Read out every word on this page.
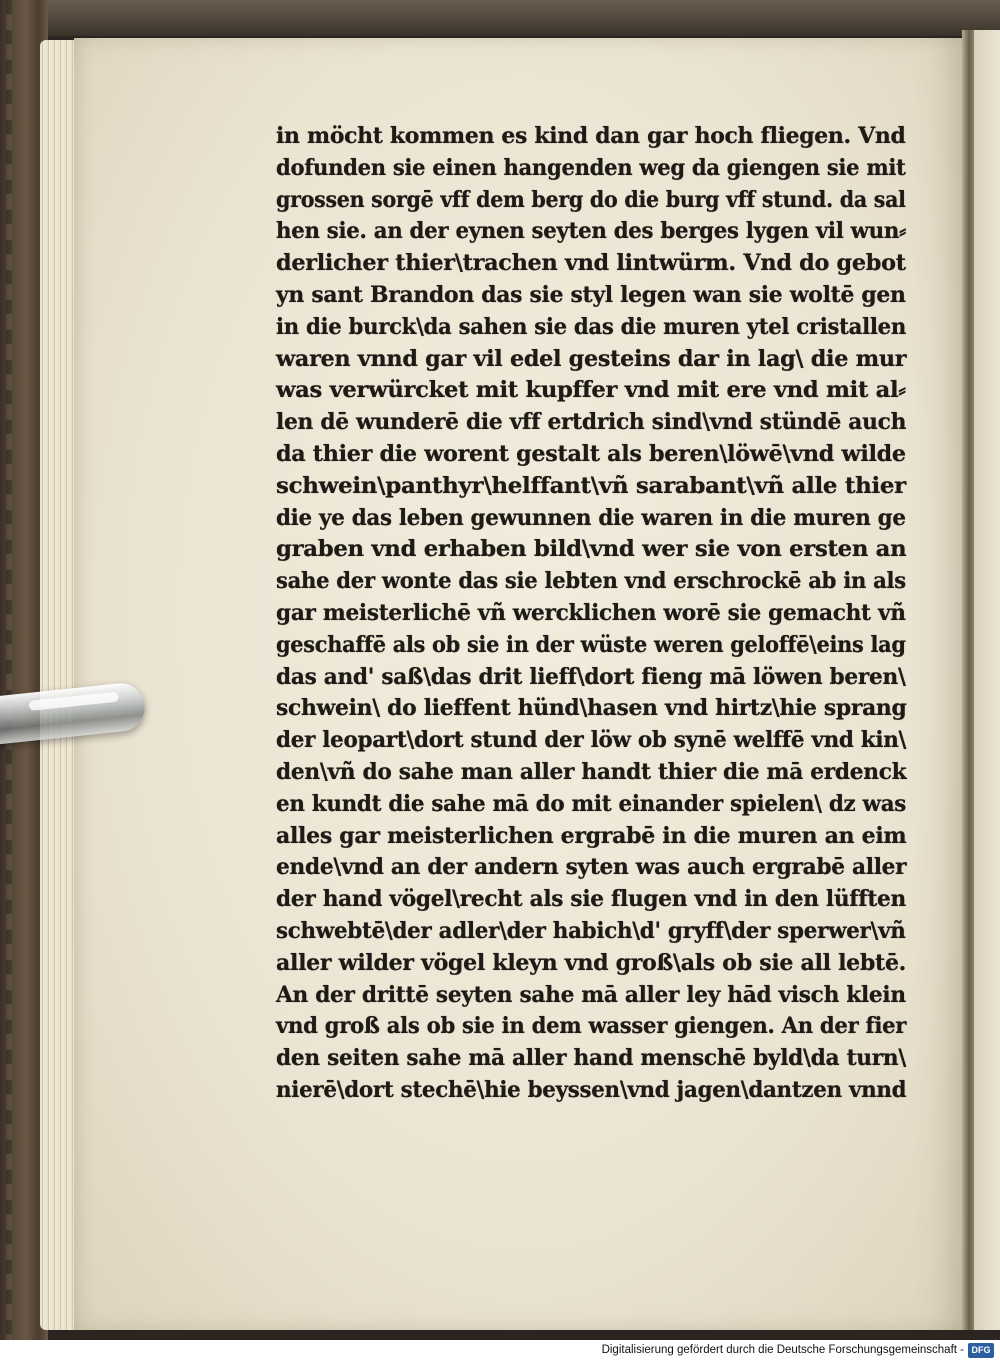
in möcht kommen es kind dan gar hoch fliegen. Vnd
dofunden sie einen hangenden weg da giengen sie mit
grossen sorgē vff dem berg do die burg vff stund. da sal
hen sie. an der eynen seyten des berges lygen vil wun⸗
derlicher thier\trachen vnd lintwürm. Vnd do gebot
yn sant Brandon das sie styl legen wan sie woltē gen
in die burck\da sahen sie das die muren ytel cristallen
waren vnnd gar vil edel gesteins dar in lag\ die mur
was verwürcket mit kupffer vnd mit ere vnd mit al⸗
len dē wunderē die vff ertdrich sind\vnd stündē auch
da thier die worent gestalt als beren\löwē\vnd wilde
schwein\panthyr\helffant\vñ sarabant\vñ alle thier
die ye das leben gewunnen die waren in die muren ge
graben vnd erhaben bild\vnd wer sie von ersten an
sahe der wonte das sie lebten vnd erschrockē ab in als
gar meisterlichē vñ wercklichen worē sie gemacht vñ
geschaffē als ob sie in der wüste weren geloffē\eins lag
das and' saß\das drit lieff\dort fieng mā löwen beren\
schwein\ do lieffent hünd\hasen vnd hirtz\hie sprang
der leopart\dort stund der löw ob synē welffē vnd kin\
den\vñ do sahe man aller handt thier die mā erdenck
en kundt die sahe mā do mit einander spielen\ dz was
alles gar meisterlichen ergrabē in die muren an eim
ende\vnd an der andern syten was auch ergrabē aller
der hand vögel\recht als sie flugen vnd in den lüfften
schwebtē\der adler\der habich\d' gryff\der sperwer\vñ
aller wilder vögel kleyn vnd groß\als ob sie all lebtē.
An der drittē seyten sahe mā aller ley hād visch klein
vnd groß als ob sie in dem wasser giengen. An der fier
den seiten sahe mā aller hand menschē byld\da turn\
nierē\dort stechē\hie beyssen\vnd jagen\dantzen vnnd
Digitalisierung gefördert durch die Deutsche Forschungsgemeinschaft - DFG
